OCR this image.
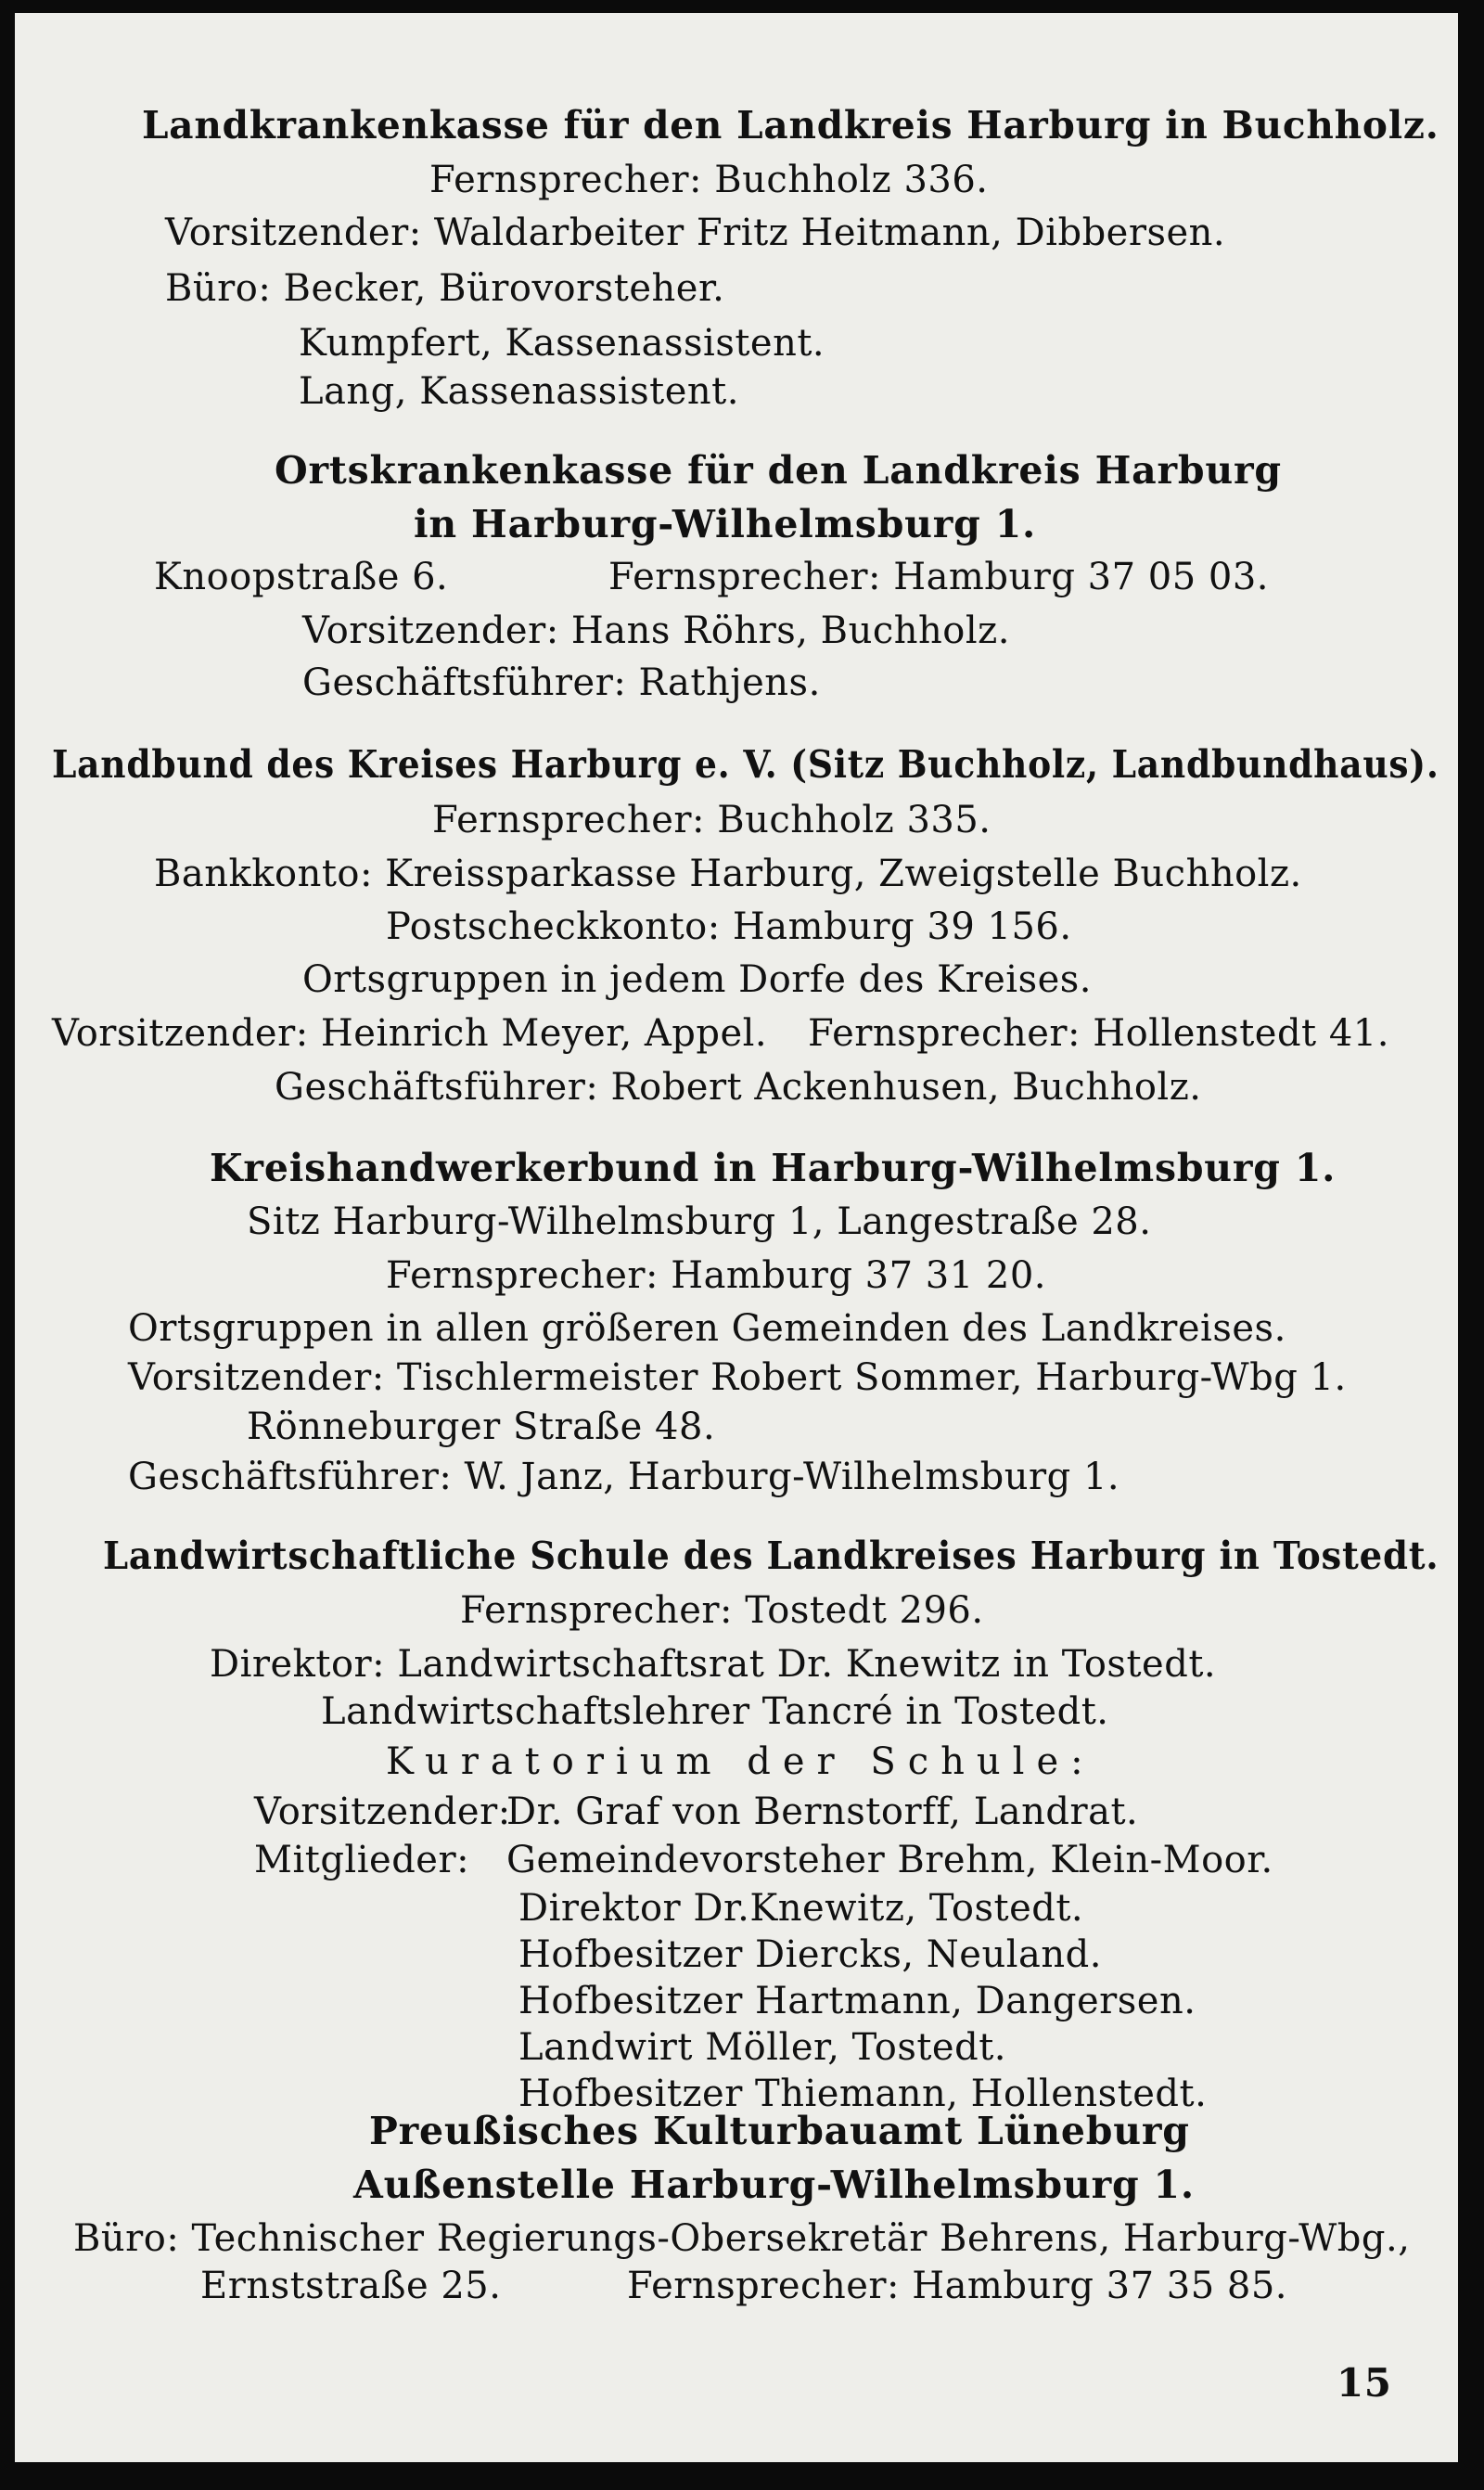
Landkrankenkasse für den Landkreis Harburg in Buchholz.
Fernsprecher: Buchholz 336.
Vorsitzender: Waldarbeiter Fritz Heitmann, Dibbersen.
Büro: Becker, Bürovorsteher.
Kumpfert, Kassenassistent.
Lang, Kassenassistent.
Ortskrankenkasse für den Landkreis Harburg
in Harburg-Wilhelmsburg 1.
Knoopstraße 6.	Fernsprecher: Hamburg 37 05 03.
Vorsitzender: Hans Röhrs, Buchholz.
Geschäftsführer: Rathjens.
Landbund des Kreises Harburg e. V. (Sitz Buchholz, Landbundhaus).
Fernsprecher: Buchholz 335.
Bankkonto: Kreissparkasse Harburg, Zweigstelle Buchholz.
Postscheckkonto: Hamburg 39 156.
Ortsgruppen in jedem Dorfe des Kreises.
Vorsitzender: Heinrich Meyer, Appel. Fernsprecher: Hollenstedt 41.
Geschäftsführer: Robert Ackenhusen, Buchholz.
Kreishandwerkerbund in Harburg-Wilhelmsburg 1.
Sitz Harburg-Wilhelmsburg 1, Langestraße 28.
Fernsprecher: Hamburg 37 31 20.
Ortsgruppen in allen größeren Gemeinden des Landkreises.
Vorsitzender: Tischlermeister Robert Sommer, Harburg-Wbg 1.
Rönneburger Straße 48.
Geschäftsführer: W. Janz, Harburg-Wilhelmsburg 1.
Landwirtschaftliche Schule des Landkreises Harburg in Tostedt.
Fernsprecher: Tostedt 296.
Direktor: Landwirtschaftsrat Dr. Knewitz in Tostedt.
Landwirtschaftslehrer Tancré in Tostedt.
Kuratorium der Schule:
Vorsitzender:
Dr. Graf von Bernstorff, Landrat.
Mitglieder: Gemeindevorsteher Brehm, Klein-Moor.
Direktor Dr.Knewitz, Tostedt.
Hofbesitzer Diercks, Neuland.
Hofbesitzer Hartmann, Dangersen.
Landwirt Möller, Tostedt.
Hofbesitzer Thiemann, Hollenstedt.
Preußisches Kulturbauamt Lüneburg
Außenstelle Harburg-Wilhelmsburg 1.
Büro: Technischer Regierungs-Obersekretär Behrens, Harburg-Wbg.,
Ernststraße 25.	Fernsprecher: Hamburg 37 35 85.
15
